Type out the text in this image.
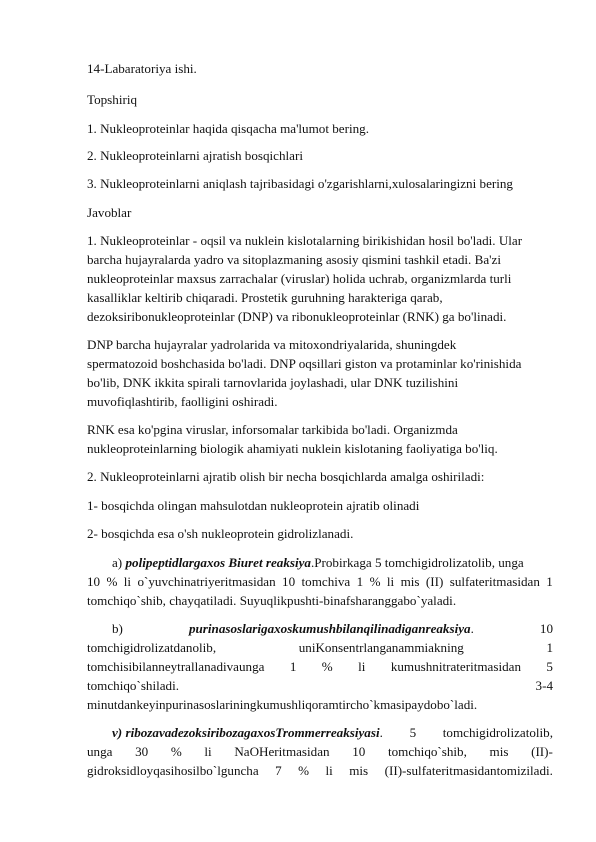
14-Labaratoriya ishi.
Topshiriq
1. Nukleoproteinlar haqida qisqacha ma'lumot bering.
2. Nukleoproteinlarni ajratish bosqichlari
3. Nukleoproteinlarni aniqlash tajribasidagi o'zgarishlarni,xulosalaringizni bering
Javoblar
1. Nukleoproteinlar - oqsil va nuklein kislotalarning birikishidan hosil bo'ladi. Ular
barcha hujayralarda yadro va sitoplazmaning asosiy qismini tashkil etadi. Ba'zi
nukleoproteinlar maxsus zarrachalar (viruslar) holida uchrab, organizmlarda turli
kasalliklar keltirib chiqaradi. Prostetik guruhning harakteriga qarab,
dezoksiribonukleoproteinlar (DNP) va ribonukleoproteinlar (RNK) ga bo'linadi.
DNP barcha hujayralar yadrolarida va mitoxondriyalarida, shuningdek
spermatozoid boshchasida bo'ladi. DNP oqsillari giston va protaminlar ko'rinishida
bo'lib, DNK ikkita spirali tarnovlarida joylashadi, ular DNK tuzilishini
muvofiqlashtirib, faolligini oshiradi.
RNK esa ko'pgina viruslar, inforsomalar tarkibida bo'ladi. Organizmda
nukleoproteinlarning biologik ahamiyati nuklein kislotaning faoliyatiga bo'liq.
2. Nukleoproteinlarni ajratib olish bir necha bosqichlarda amalga oshiriladi:
1- bosqichda olingan mahsulotdan nukleoprotein ajratib olinadi
2- bosqichda esa o'sh nukleoprotein gidrolizlanadi.
a) polipeptidlargaxos Biuret reaksiya.Probirkaga 5 tomchigidrolizatolib, unga
10 % li o`yuvchinatriyeritmasidan 10 tomchiva 1 % li mis (II) sulfateritmasidan 1
tomchiqo`shib, chayqatiladi. Suyuqlikpushti-binafsharanggabo`yaladi.
b)	purinasoslarigaxoskumushbilanqilinadiganreaksiya.	10
tomchigidrolizatdanolib,	uniKonsentrlanganammiakning	1
tomchisibilanneytrallanadivaunga 1 % li kumushnitrateritmasidan 5
tomchiqo`shiladi.	3-4
minutdankeyinpurinasoslariningkumushliqoramtircho`kmasipaydobo`ladi.
v) ribozavadezoksiribozagaxosTrommerreaksiyasi. 5 tomchigidrolizatolib,
unga 30 % li NaOHeritmasidan 10 tomchiqo`shib, mis (II)-
gidroksidloyqasihosilbo`lguncha 7 % li mis (II)-sulfateritmasidantomiziladi.
